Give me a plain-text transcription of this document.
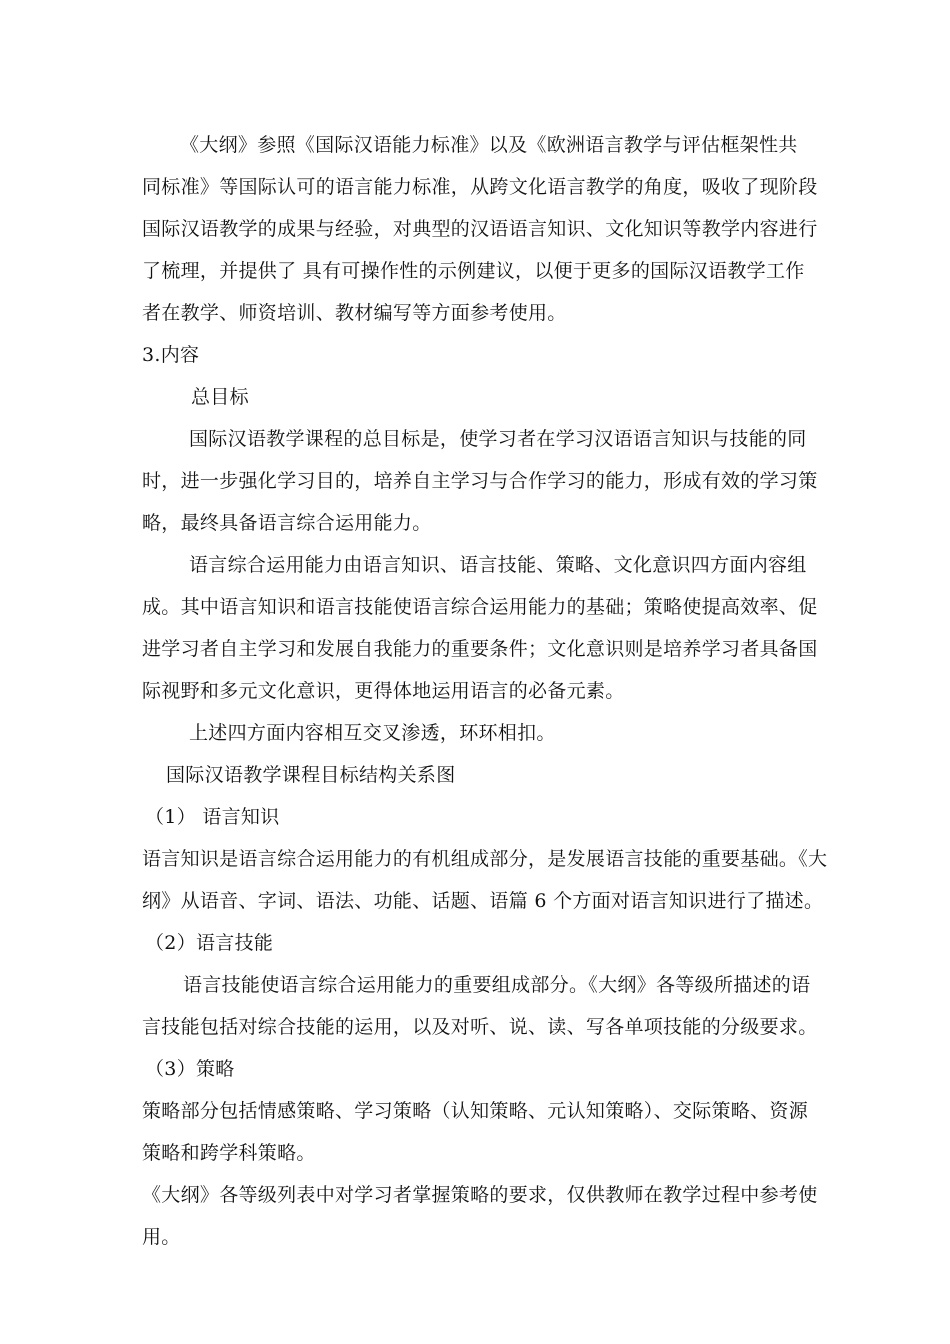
《大纲》参照《国际汉语能力标准》以及《欧洲语言教学与评估框架性共
同标准》等国际认可的语言能力标准，从跨文化语言教学的角度，吸收了现阶段
国际汉语教学的成果与经验，对典型的汉语语言知识、文化知识等教学内容进行
了梳理，并提供了 具有可操作性的示例建议，以便于更多的国际汉语教学工作
者在教学、师资培训、教材编写等方面参考使用。
3.内容
总目标
国际汉语教学课程的总目标是，使学习者在学习汉语语言知识与技能的同
时，进一步强化学习目的，培养自主学习与合作学习的能力，形成有效的学习策
略，最终具备语言综合运用能力。
语言综合运用能力由语言知识、语言技能、策略、文化意识四方面内容组
成。其中语言知识和语言技能使语言综合运用能力的基础；策略使提高效率、促
进学习者自主学习和发展自我能力的重要条件；文化意识则是培养学习者具备国
际视野和多元文化意识，更得体地运用语言的必备元素。
上述四方面内容相互交叉渗透，环环相扣。
国际汉语教学课程目标结构关系图
（1） 语言知识
语言知识是语言综合运用能力的有机组成部分，是发展语言技能的重要基础。《大
纲》从语音、字词、语法、功能、话题、语篇 6 个方面对语言知识进行了描述。
（2）语言技能
语言技能使语言综合运用能力的重要组成部分。《大纲》各等级所描述的语
言技能包括对综合技能的运用，以及对听、说、读、写各单项技能的分级要求。
（3）策略
策略部分包括情感策略、学习策略（认知策略、元认知策略）、交际策略、资源
策略和跨学科策略。
《大纲》各等级列表中对学习者掌握策略的要求，仅供教师在教学过程中参考使
用。
